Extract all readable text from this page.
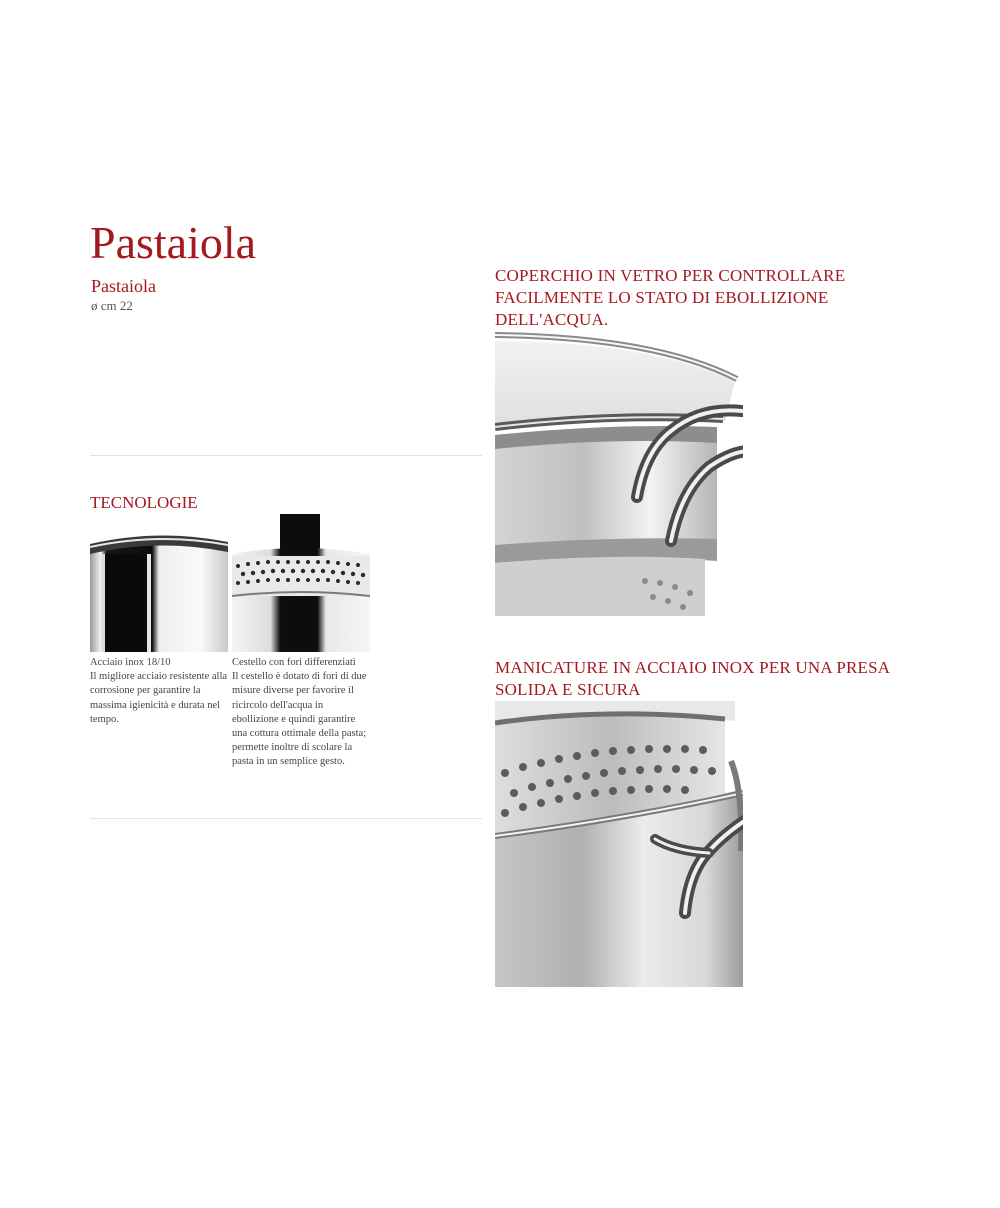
Pastaiola
Pastaiola
ø cm 22
TECNOLOGIE
Acciaio inox 18/10
Il migliore acciaio resistente alla corrosione per garantire la massima igienicità e durata nel tempo.
Cestello con fori differenziati
Il cestello è dotato di fori di due misure diverse per favorire il ricircolo dell'acqua in ebollizione e quindi garantire una cottura ottimale della pasta; permette inoltre di scolare la pasta in un semplice gesto.
COPERCHIO IN VETRO PER CONTROLLARE FACILMENTE LO STATO DI EBOLLIZIONE DELL'ACQUA.
MANICATURE IN ACCIAIO INOX PER UNA PRESA SOLIDA E SICURA
